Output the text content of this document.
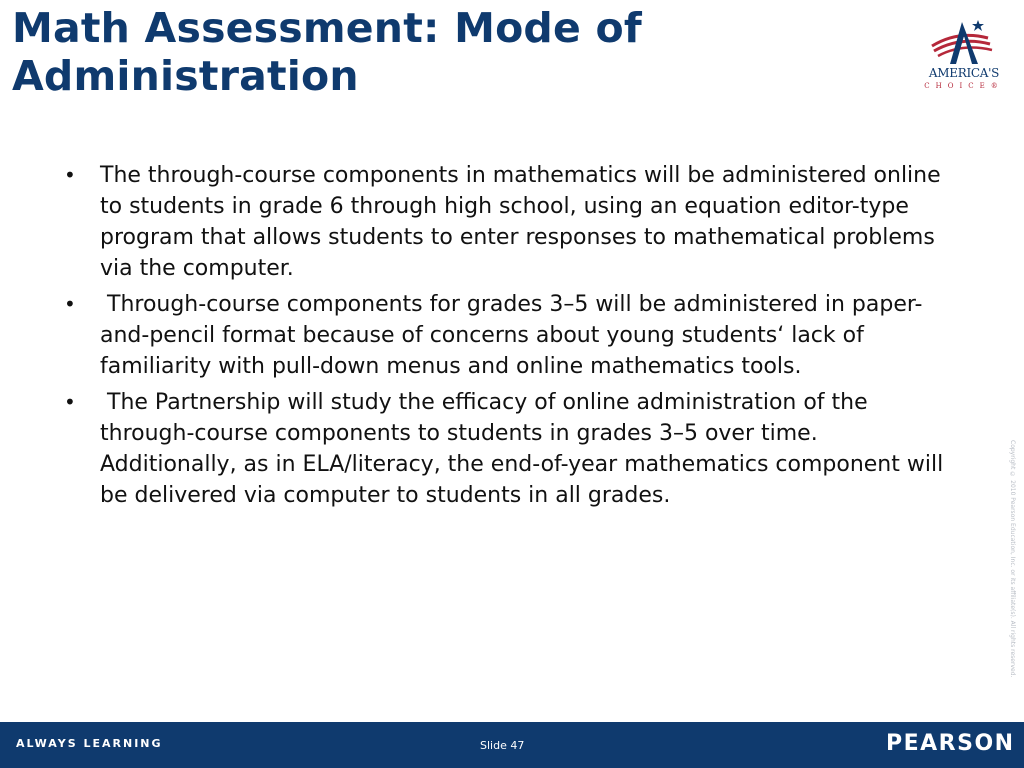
Math Assessment: Mode of Administration	AMERICA'S
CHOICE®
• The through-course components in mathematics will be administered online to students in grade 6 through high school, using an equation editor-type program that allows students to enter responses to mathematical problems via the computer.
• Through-course components for grades 3–5 will be administered in paper-and-pencil format because of concerns about young students‘ lack of familiarity with pull-down menus and online mathematics tools.
• The Partnership will study the efficacy of online administration of the through-course components to students in grades 3–5 over time. Additionally, as in ELA/literacy, the end-of-year mathematics component will be delivered via computer to students in all grades.	Copyright © 2010 Pearson Education, Inc. or its affiliate(s). All rights reserved.
ALWAYS LEARNING	Slide 47	PEARSON
